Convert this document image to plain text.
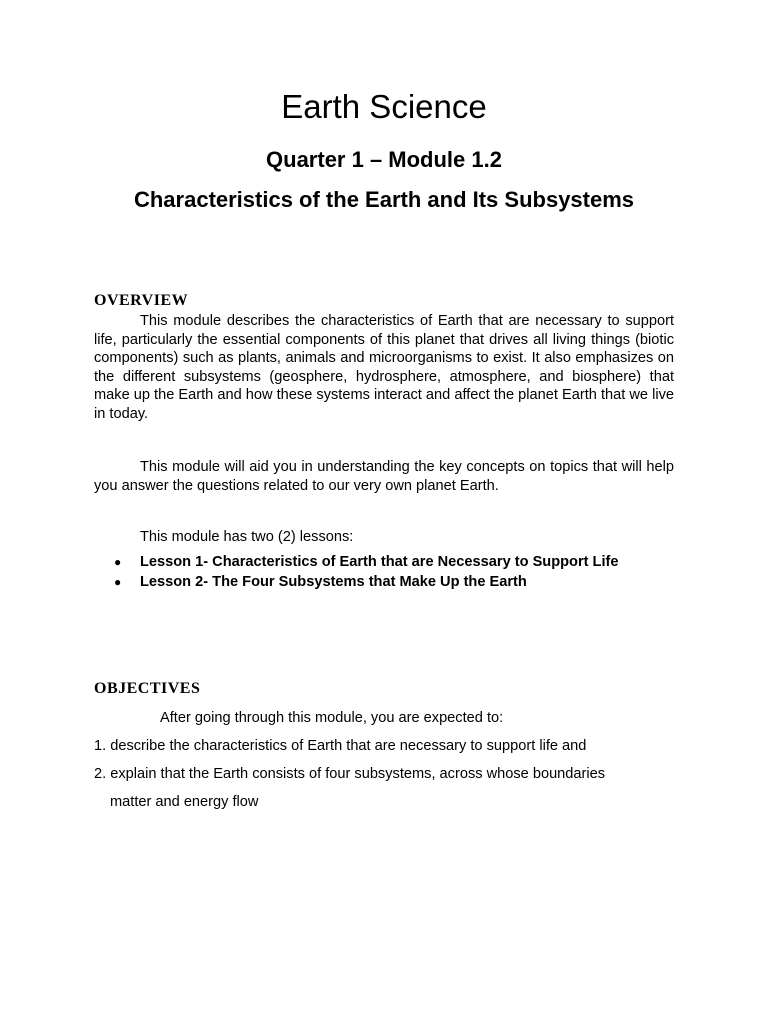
Earth Science
Quarter 1 – Module 1.2
Characteristics of the Earth and Its Subsystems
OVERVIEW

This module describes the characteristics of Earth that are necessary to support life, particularly the essential components of this planet that drives all living things (biotic components) such as plants, animals and microorganisms to exist. It also emphasizes on the different subsystems (geosphere, hydrosphere, atmosphere, and biosphere) that make up the Earth and how these systems interact and affect the planet Earth that we live in today.

This module will aid you in understanding the key concepts on topics that will help you answer the questions related to our very own planet Earth.

This module has two (2) lessons:

● Lesson 1- Characteristics of Earth that are Necessary to Support Life
● Lesson 2- The Four Subsystems that Make Up the Earth
OBJECTIVES

After going through this module, you are expected to:

1. describe the characteristics of Earth that are necessary to support life and

2. explain that the Earth consists of four subsystems, across whose boundaries

matter and energy flow
